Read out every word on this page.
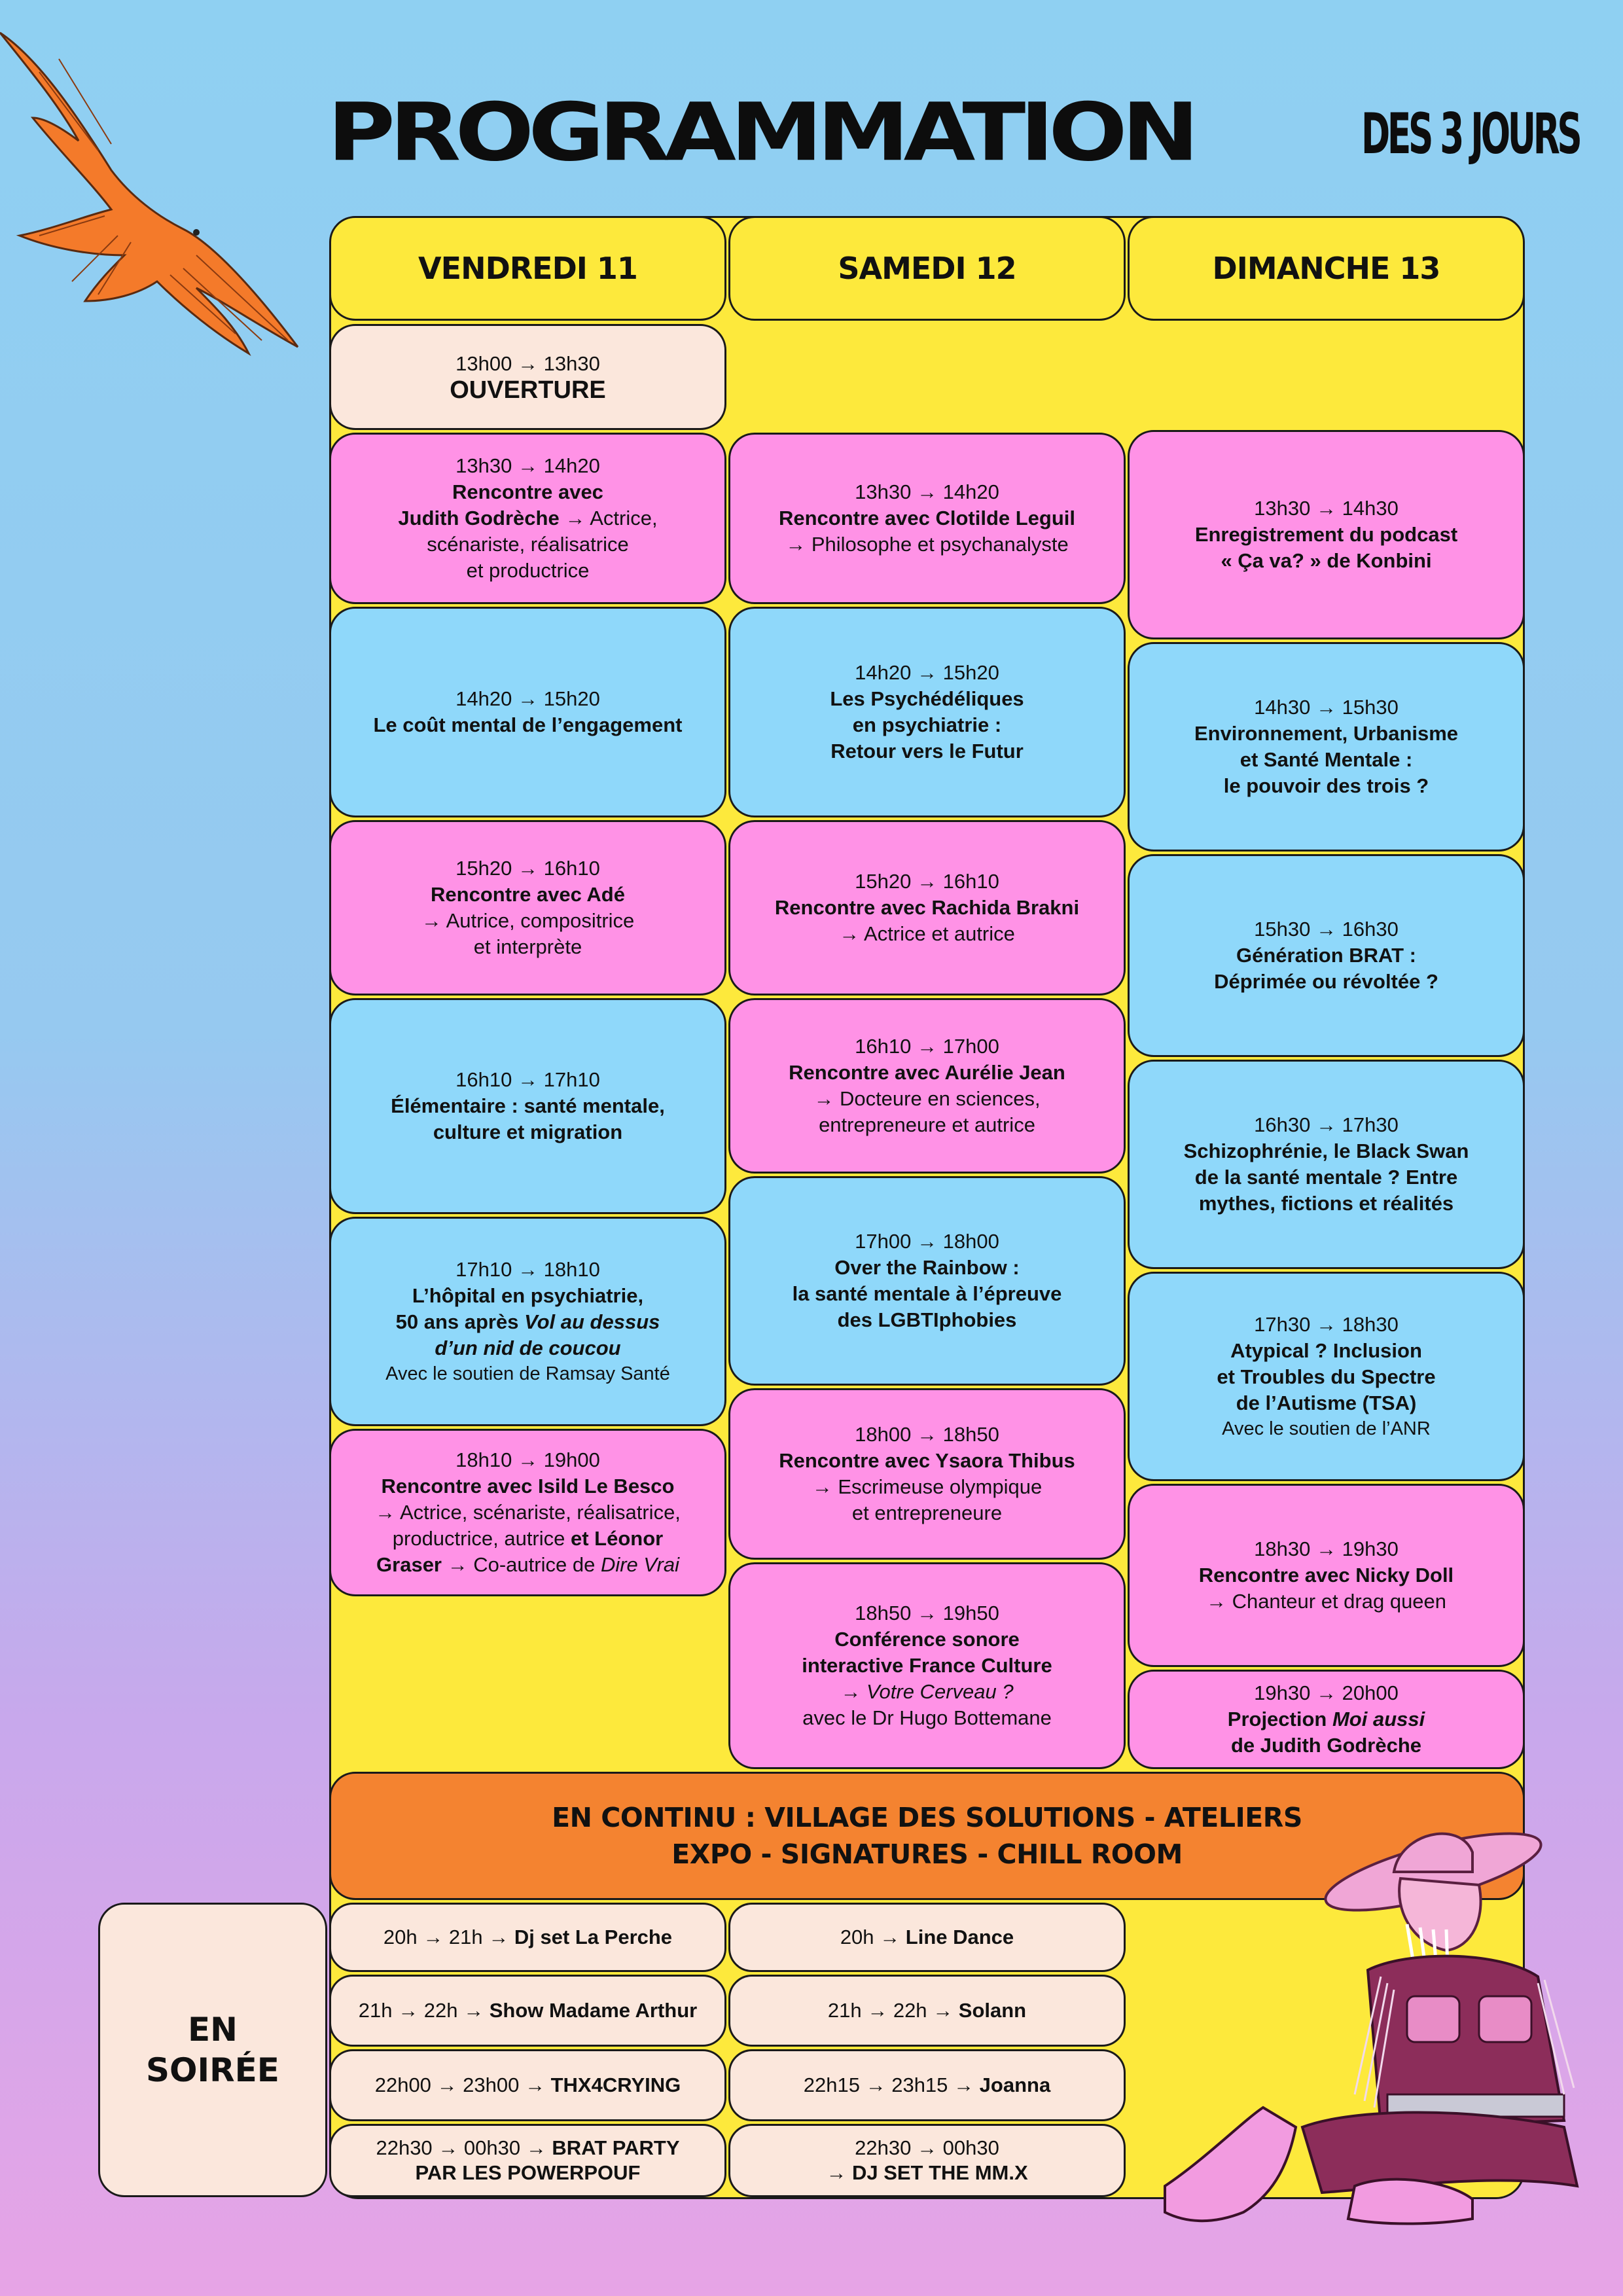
PROGRAMMATION	DES 3 JOURS
VENDREDI 11	SAMEDI 12	DIMANCHE 13
13h00 → 13h30
OUVERTURE
13h30 → 14h20
Rencontre avec
Judith Godrèche → Actrice,
scénariste, réalisatrice
et productrice
14h20 → 15h20
Le coût mental de l’engagement
15h20 → 16h10
Rencontre avec Adé
→ Autrice, compositrice
et interprète
16h10 → 17h10
Élémentaire : santé mentale,
culture et migration
17h10 → 18h10
L’hôpital en psychiatrie,
50 ans après Vol au dessus
d’un nid de coucou
Avec le soutien de Ramsay Santé
18h10 → 19h00
Rencontre avec Isild Le Besco
→ Actrice, scénariste, réalisatrice,
productrice, autrice et Léonor
Graser → Co-autrice de Dire Vrai
13h30 → 14h20
Rencontre avec Clotilde Leguil
→ Philosophe et psychanalyste
14h20 → 15h20
Les Psychédéliques
en psychiatrie :
Retour vers le Futur
15h20 → 16h10
Rencontre avec Rachida Brakni
→ Actrice et autrice
16h10 → 17h00
Rencontre avec Aurélie Jean
→ Docteure en sciences,
entrepreneure et autrice
17h00 → 18h00
Over the Rainbow :
la santé mentale à l’épreuve
des LGBTIphobies
18h00 → 18h50
Rencontre avec Ysaora Thibus
→ Escrimeuse olympique
et entrepreneure
18h50 → 19h50
Conférence sonore
interactive France Culture
→ Votre Cerveau ?
avec le Dr Hugo Bottemane
13h30 → 14h30
Enregistrement du podcast
« Ça va? » de Konbini
14h30 → 15h30
Environnement, Urbanisme
et Santé Mentale :
le pouvoir des trois ?
15h30 → 16h30
Génération BRAT :
Déprimée ou révoltée ?
16h30 → 17h30
Schizophrénie, le Black Swan
de la santé mentale ? Entre
mythes, fictions et réalités
17h30 → 18h30
Atypical ? Inclusion
et Troubles du Spectre
de l’Autisme (TSA)
Avec le soutien de l’ANR
18h30 → 19h30
Rencontre avec Nicky Doll
→ Chanteur et drag queen
19h30 → 20h00
Projection Moi aussi
de Judith Godrèche
EN CONTINU : VILLAGE DES SOLUTIONS - ATELIERS
EXPO - SIGNATURES - CHILL ROOM
EN
SOIRÉE
20h → 21h → Dj set La Perche
21h → 22h → Show Madame Arthur
22h00 → 23h00 → THX4CRYING
22h30 → 00h30 → BRAT PARTY
PAR LES POWERPOUF
20h → Line Dance
21h → 22h → Solann
22h15 → 23h15 → Joanna
22h30 → 00h30
→ DJ SET THE MM.X
